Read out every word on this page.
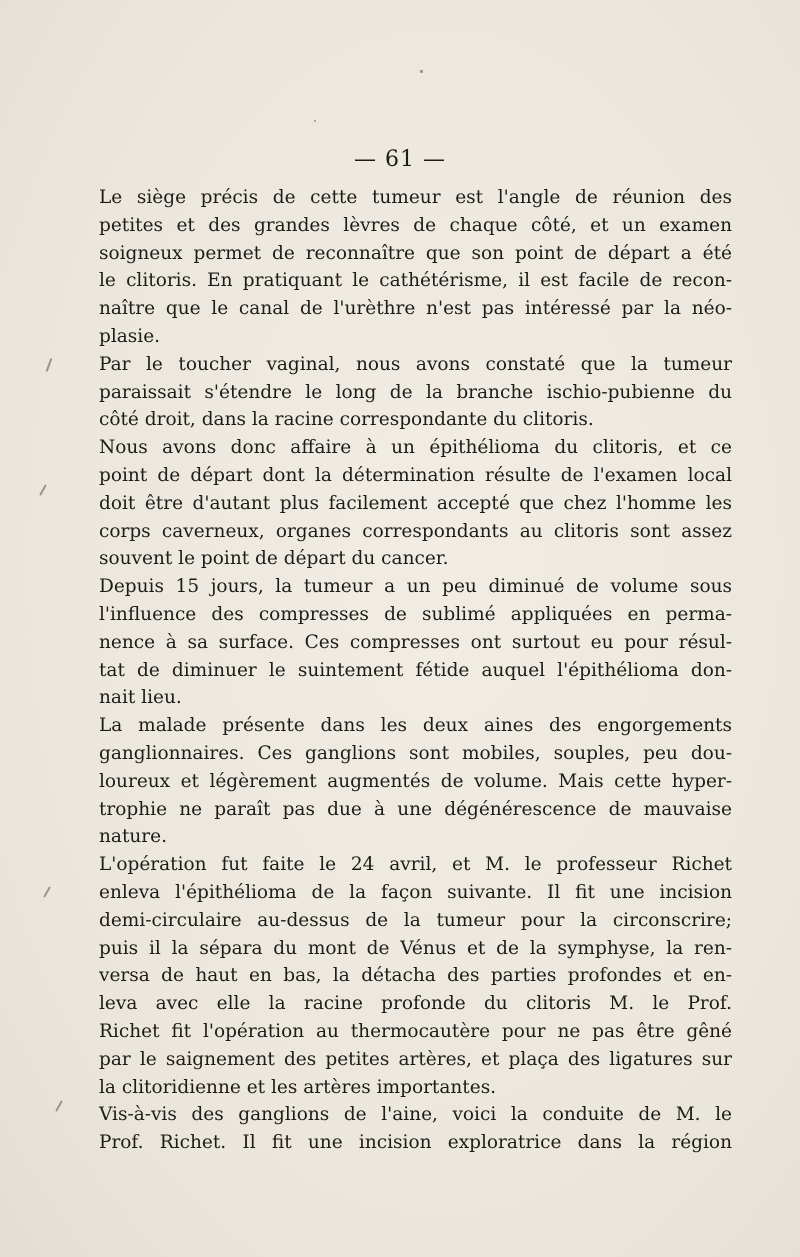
— 61 —

Le siège précis de cette tumeur est l'angle de réunion des
petites et des grandes lèvres de chaque côté, et un examen
soigneux permet de reconnaître que son point de départ a été
le clitoris. En pratiquant le cathétérisme, il est facile de recon-
naître que le canal de l'urèthre n'est pas intéressé par la néo-
plasie.

Par le toucher vaginal, nous avons constaté que la tumeur
paraissait s'étendre le long de la branche ischio-pubienne du
côté droit, dans la racine correspondante du clitoris.

Nous avons donc affaire à un épithélioma du clitoris, et ce
point de départ dont la détermination résulte de l'examen local
doit être d'autant plus facilement accepté que chez l'homme les
corps caverneux, organes correspondants au clitoris sont assez
souvent le point de départ du cancer.

Depuis 15 jours, la tumeur a un peu diminué de volume sous
l'influence des compresses de sublimé appliquées en perma-
nence à sa surface. Ces compresses ont surtout eu pour résul-
tat de diminuer le suintement fétide auquel l'épithélioma don-
nait lieu.

La malade présente dans les deux aines des engorgements
ganglionnaires. Ces ganglions sont mobiles, souples, peu dou-
loureux et légèrement augmentés de volume. Mais cette hyper-
trophie ne paraît pas due à une dégénérescence de mauvaise
nature.

L'opération fut faite le 24 avril, et M. le professeur Richet
enleva l'épithélioma de la façon suivante. Il fit une incision
demi-circulaire au-dessus de la tumeur pour la circonscrire;
puis il la sépara du mont de Vénus et de la symphyse, la ren-
versa de haut en bas, la détacha des parties profondes et en-
leva avec elle la racine profonde du clitoris M. le Prof.
Richet fit l'opération au thermocautère pour ne pas être gêné
par le saignement des petites artères, et plaça des ligatures sur
la clitoridienne et les artères importantes.

Vis-à-vis des ganglions de l'aine, voici la conduite de M. le
Prof. Richet. Il fit une incision exploratrice dans la région
